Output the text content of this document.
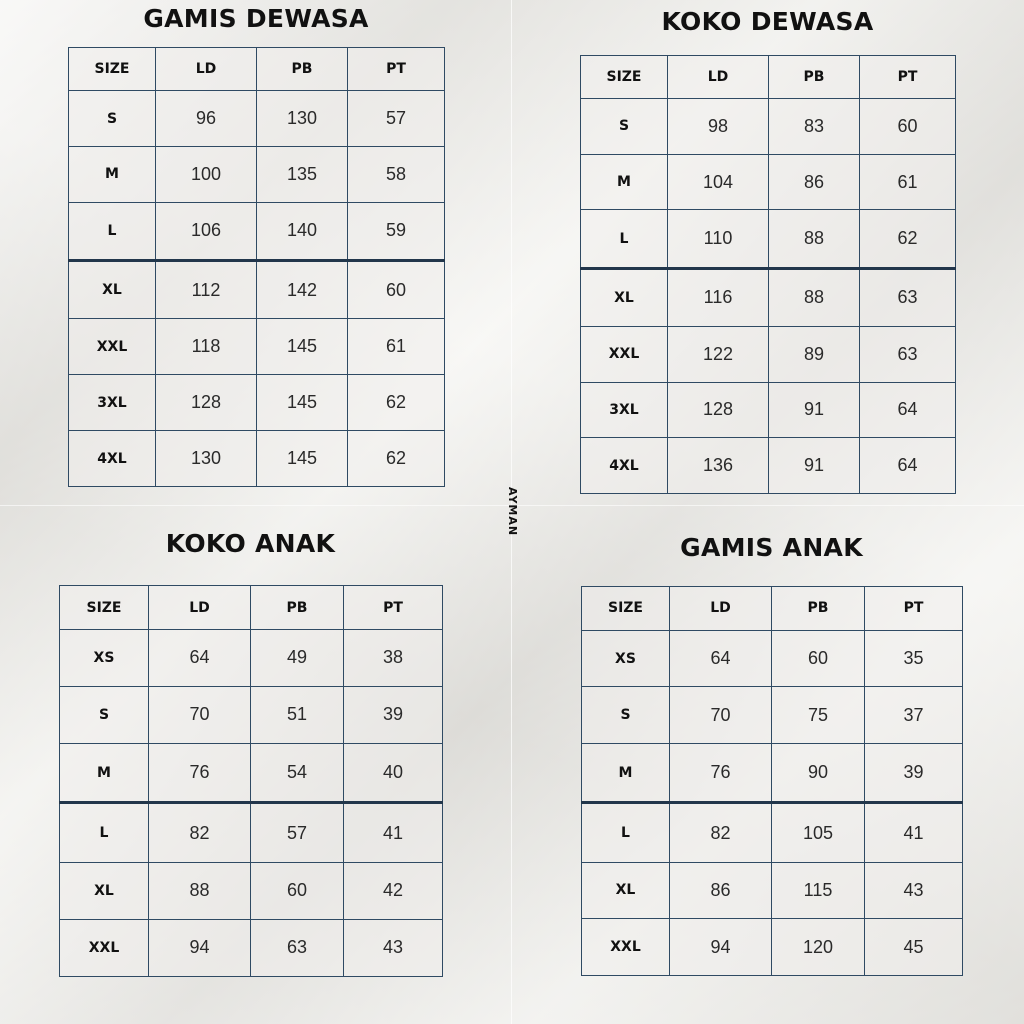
GAMIS DEWASA
SIZE	LD	PB	PT
S	96	130	57
M	100	135	58
L	106	140	59
XL	112	142	60
XXL	118	145	61
3XL	128	145	62
4XL	130	145	62
KOKO DEWASA
SIZE	LD	PB	PT
S	98	83	60
M	104	86	61
L	110	88	62
XL	116	88	63
XXL	122	89	63
3XL	128	91	64
4XL	136	91	64
KOKO ANAK
SIZE	LD	PB	PT
XS	64	49	38
S	70	51	39
M	76	54	40
L	82	57	41
XL	88	60	42
XXL	94	63	43
GAMIS ANAK
SIZE	LD	PB	PT
XS	64	60	35
S	70	75	37
M	76	90	39
L	82	105	41
XL	86	115	43
XXL	94	120	45
AYMAN
